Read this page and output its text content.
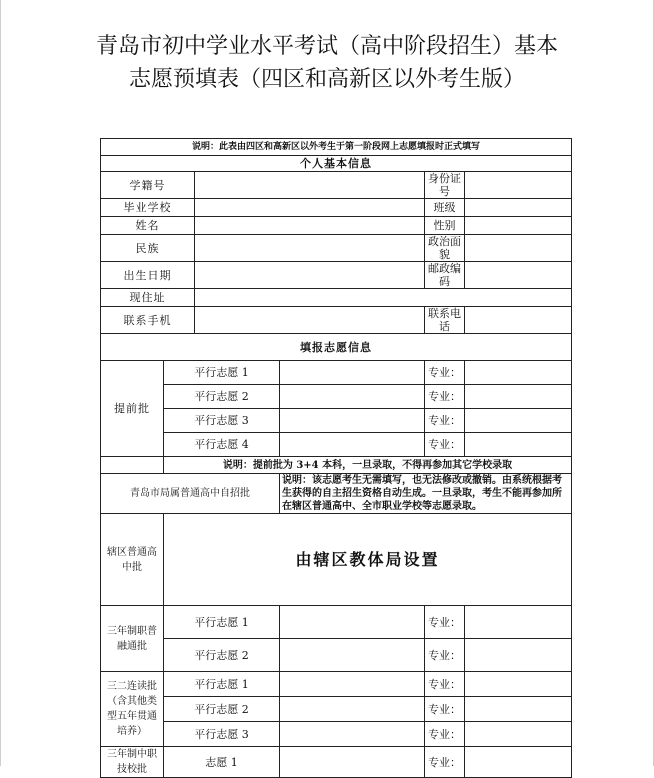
青岛市初中学业水平考试（高中阶段招生）基本
志愿预填表（四区和高新区以外考生版）
说明：此表由四区和高新区以外考生于第一阶段网上志愿填报时正式填写					
个人基本信息					
学籍号				身份证号	
毕业学校				班级	
姓名				性别	
民族				政治面貌	
出生日期				邮政编码	
现住址					
联系手机				联系电话	
填报志愿信息					
提前批	平行志愿 1			专业：	
	平行志愿 2			专业：	
	平行志愿 3			专业：	
	平行志愿 4			专业：	
	说明：提前批为 3+4 本科，一旦录取，不得再参加其它学校录取				
青岛市局属普通高中自招批			说明：该志愿考生无需填写，也无法修改或撤销。由系统根据考生获得的自主招生资格自动生成。一旦录取，考生不能再参加所在辖区普通高中、全市职业学校等志愿录取。		
辖区普通高中批	由辖区教体局设置				
三年制职普融通批	平行志愿 1			专业：	
	平行志愿 2			专业：	
三二连读批（含其他类型五年贯通培养）	平行志愿 1			专业：	
	平行志愿 2			专业：	
	平行志愿 3			专业：	
三年制中职技校批	志愿 1			专业：	
